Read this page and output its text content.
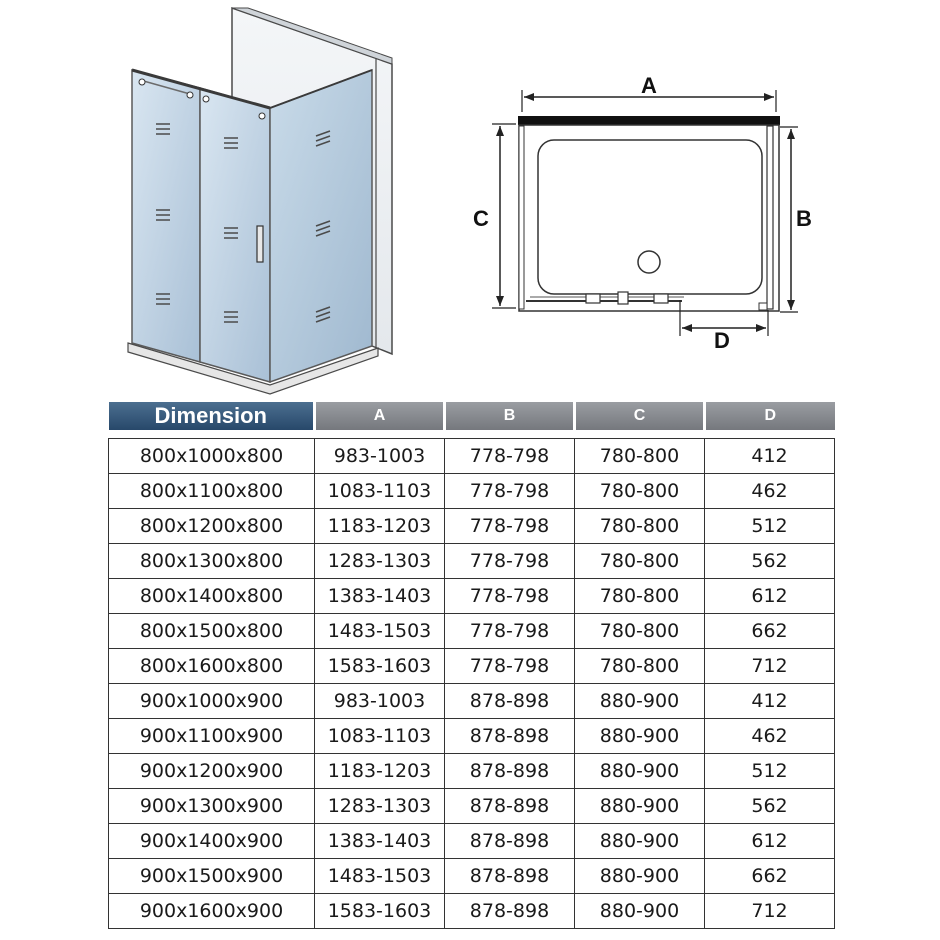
A
C	B
D
Dimension	A	B	C	D

800x1000x800	983-1003	778-798	780-800	412
800x1100x800	1083-1103	778-798	780-800	462
800x1200x800	1183-1203	778-798	780-800	512
800x1300x800	1283-1303	778-798	780-800	562
800x1400x800	1383-1403	778-798	780-800	612
800x1500x800	1483-1503	778-798	780-800	662
800x1600x800	1583-1603	778-798	780-800	712
900x1000x900	983-1003	878-898	880-900	412
900x1100x900	1083-1103	878-898	880-900	462
900x1200x900	1183-1203	878-898	880-900	512
900x1300x900	1283-1303	878-898	880-900	562
900x1400x900	1383-1403	878-898	880-900	612
900x1500x900	1483-1503	878-898	880-900	662
900x1600x900	1583-1603	878-898	880-900	712
